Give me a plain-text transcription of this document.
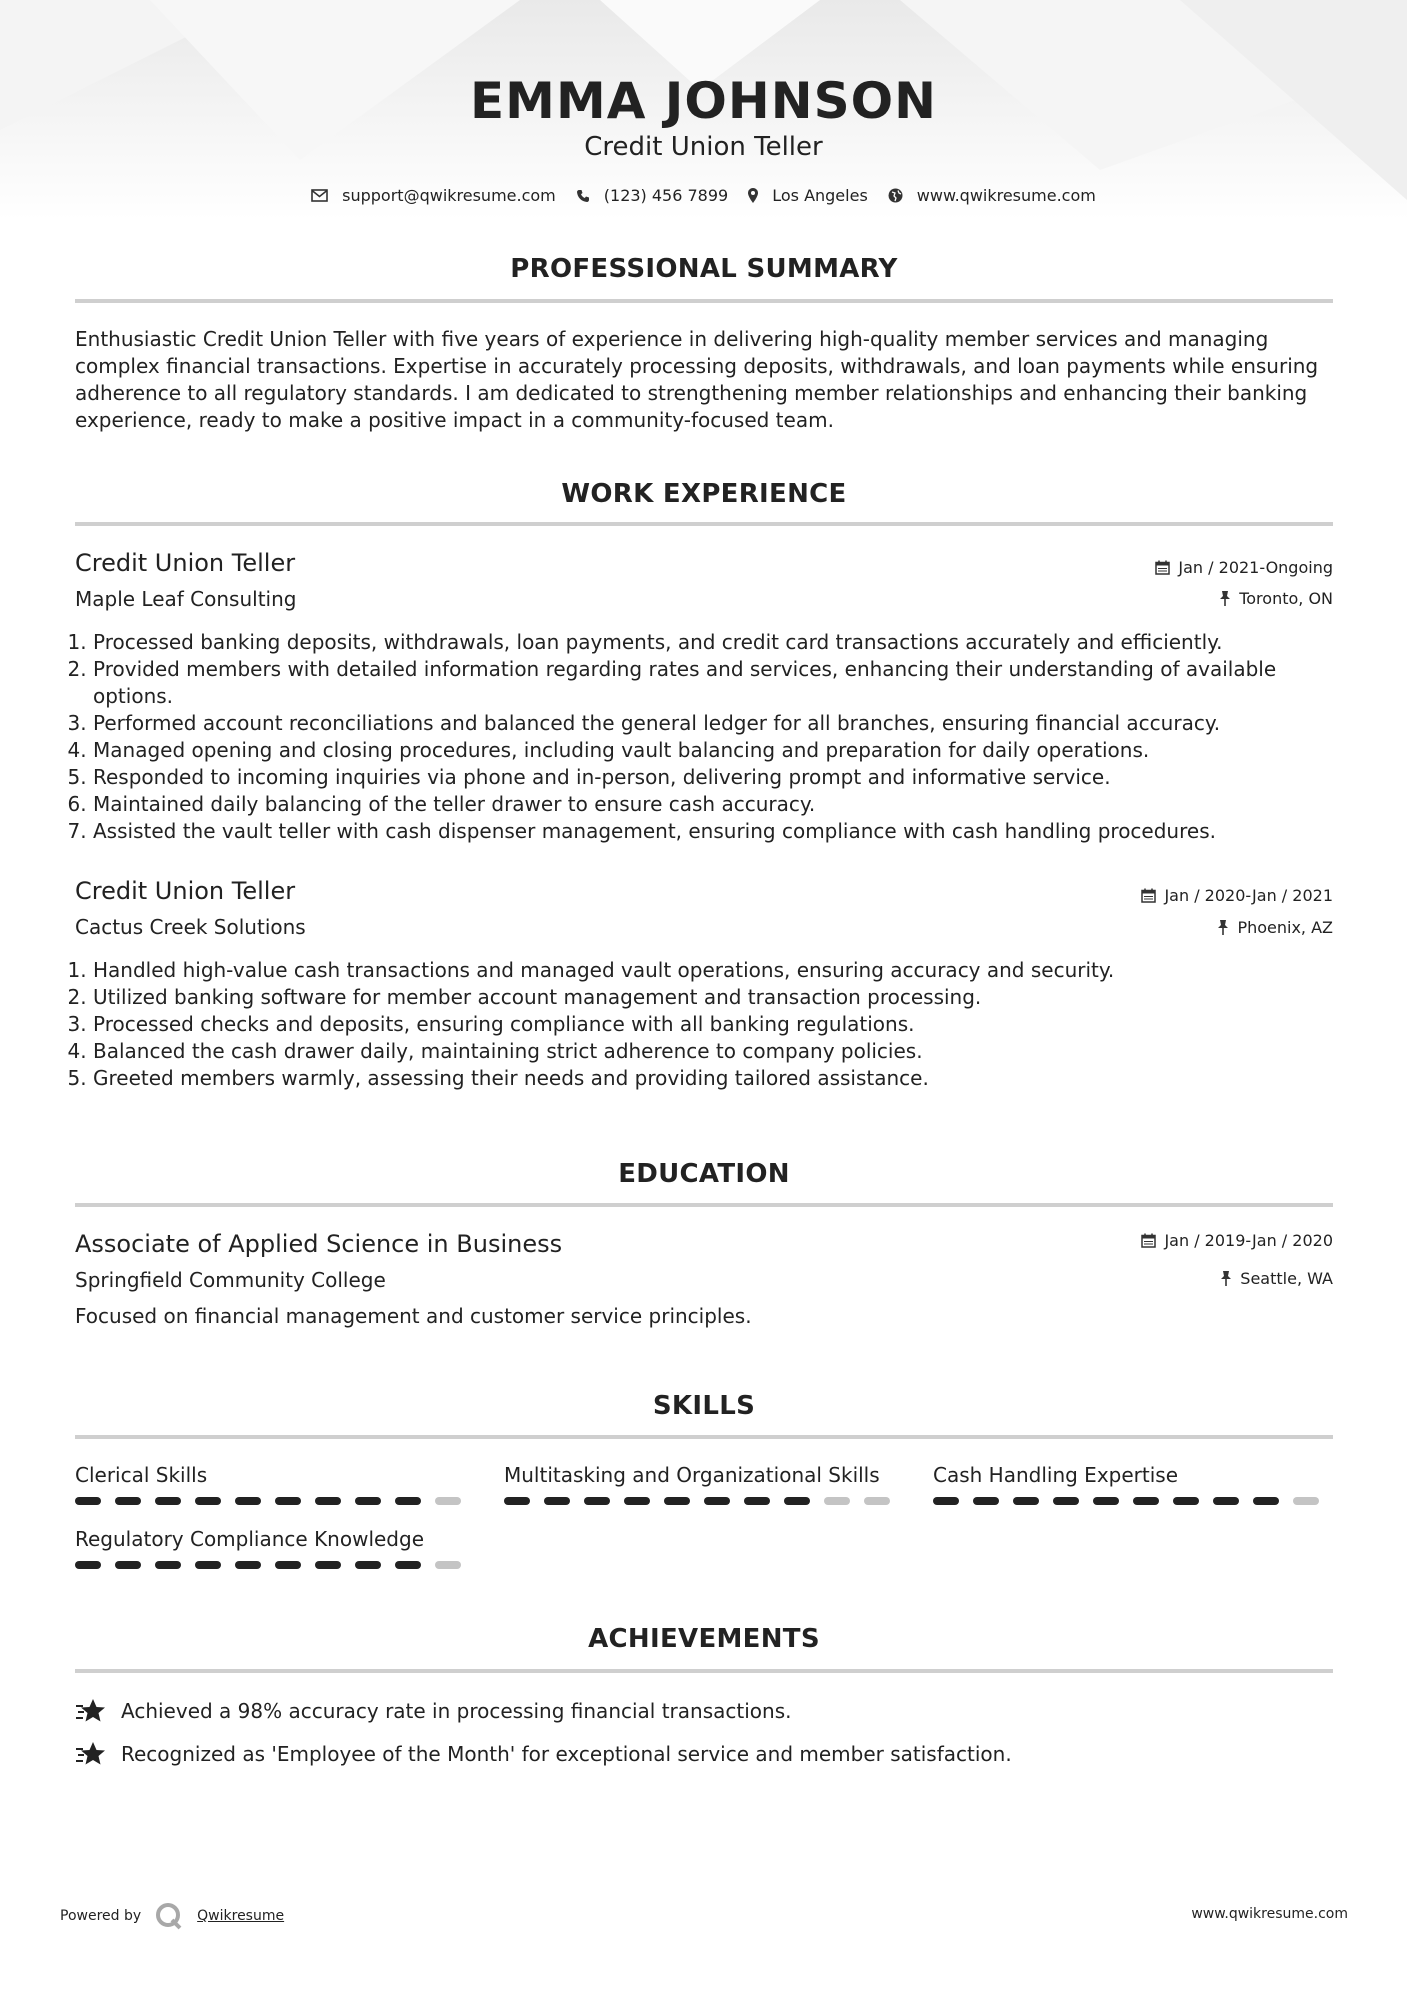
EMMA JOHNSON
Credit Union Teller
support@qwikresume.com	(123) 456 7899	Los Angeles	www.qwikresume.com
PROFESSIONAL SUMMARY
Enthusiastic Credit Union Teller with five years of experience in delivering high-quality member services and managing complex financial transactions. Expertise in accurately processing deposits, withdrawals, and loan payments while ensuring adherence to all regulatory standards. I am dedicated to strengthening member relationships and enhancing their banking experience, ready to make a positive impact in a community-focused team.
WORK EXPERIENCE
Credit Union Teller	Jan / 2021-Ongoing
Maple Leaf Consulting	Toronto, ON
1. Processed banking deposits, withdrawals, loan payments, and credit card transactions accurately and efficiently.
2. Provided members with detailed information regarding rates and services, enhancing their understanding of available options.
3. Performed account reconciliations and balanced the general ledger for all branches, ensuring financial accuracy.
4. Managed opening and closing procedures, including vault balancing and preparation for daily operations.
5. Responded to incoming inquiries via phone and in-person, delivering prompt and informative service.
6. Maintained daily balancing of the teller drawer to ensure cash accuracy.
7. Assisted the vault teller with cash dispenser management, ensuring compliance with cash handling procedures.
Credit Union Teller	Jan / 2020-Jan / 2021
Cactus Creek Solutions	Phoenix, AZ
1. Handled high-value cash transactions and managed vault operations, ensuring accuracy and security.
2. Utilized banking software for member account management and transaction processing.
3. Processed checks and deposits, ensuring compliance with all banking regulations.
4. Balanced the cash drawer daily, maintaining strict adherence to company policies.
5. Greeted members warmly, assessing their needs and providing tailored assistance.
EDUCATION
Associate of Applied Science in Business	Jan / 2019-Jan / 2020
Springfield Community College	Seattle, WA
Focused on financial management and customer service principles.
SKILLS
Clerical Skills	Multitasking and Organizational Skills	Cash Handling Expertise
Regulatory Compliance Knowledge
ACHIEVEMENTS
Achieved a 98% accuracy rate in processing financial transactions.
Recognized as 'Employee of the Month' for exceptional service and member satisfaction.
Powered by	Qwikresume	www.qwikresume.com
